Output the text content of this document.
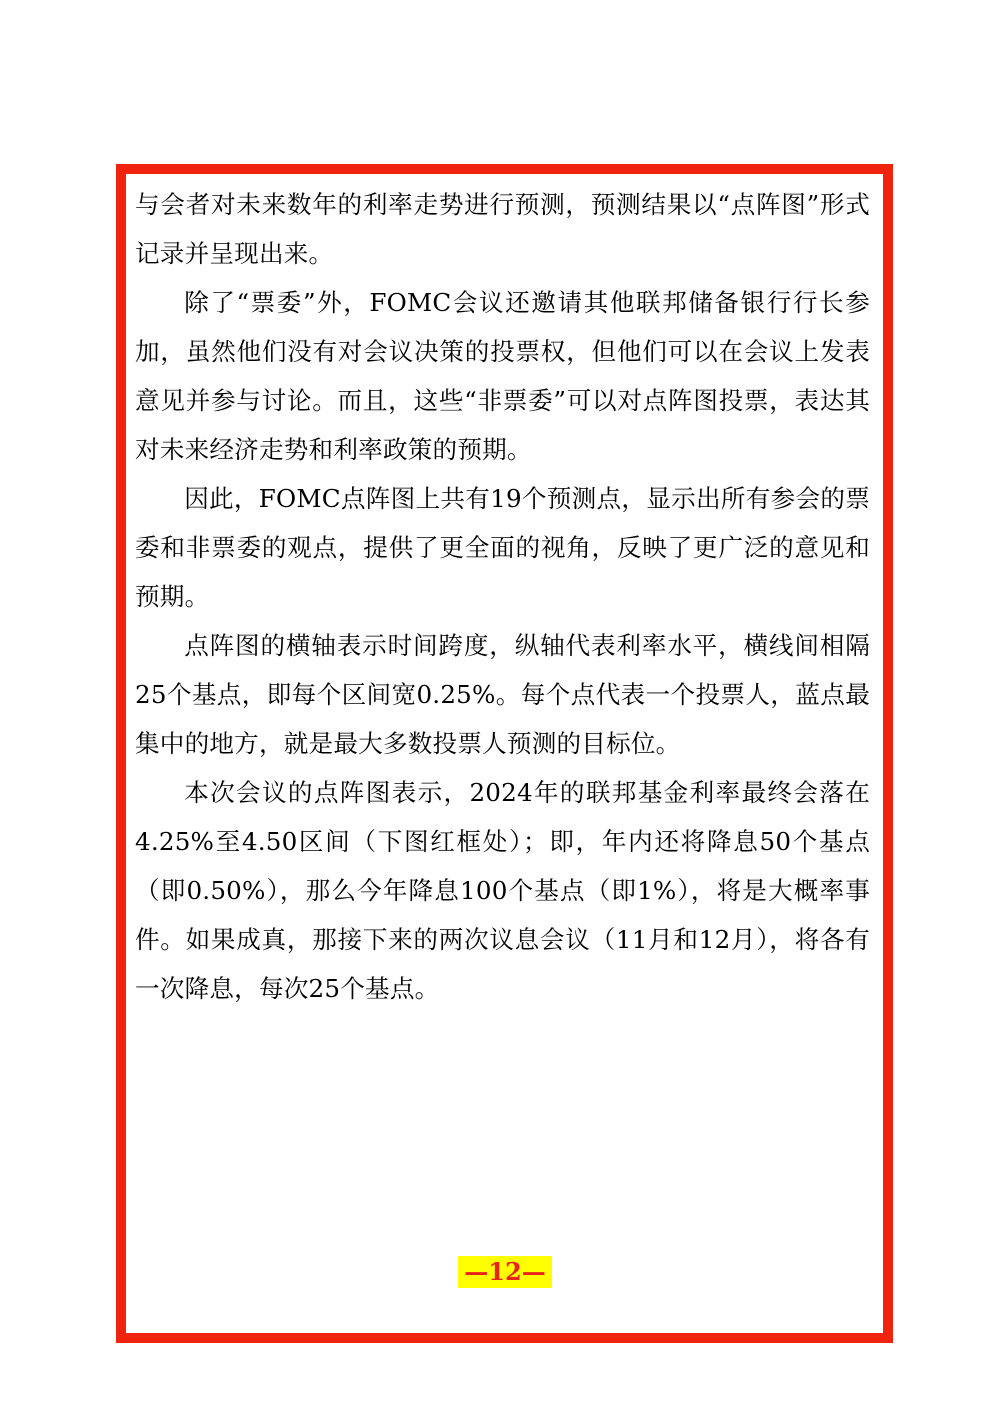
与会者对未来数年的利率走势进行预测，预测结果以“点阵图”形式记录并呈现出来。

除了“票委”外，FOMC会议还邀请其他联邦储备银行行长参加，虽然他们没有对会议决策的投票权，但他们可以在会议上发表意见并参与讨论。而且，这些“非票委”可以对点阵图投票，表达其对未来经济走势和利率政策的预期。

因此，FOMC点阵图上共有19个预测点，显示出所有参会的票委和非票委的观点，提供了更全面的视角，反映了更广泛的意见和预期。

点阵图的横轴表示时间跨度，纵轴代表利率水平，横线间相隔25个基点，即每个区间宽0.25%。每个点代表一个投票人，蓝点最集中的地方，就是最大多数投票人预测的目标位。

本次会议的点阵图表示，2024年的联邦基金利率最终会落在4.25%至4.50区间（下图红框处）；即，年内还将降息50个基点（即0.50%），那么今年降息100个基点（即1%），将是大概率事件。如果成真，那接下来的两次议息会议（11月和12月），将各有一次降息，每次25个基点。

—12—
